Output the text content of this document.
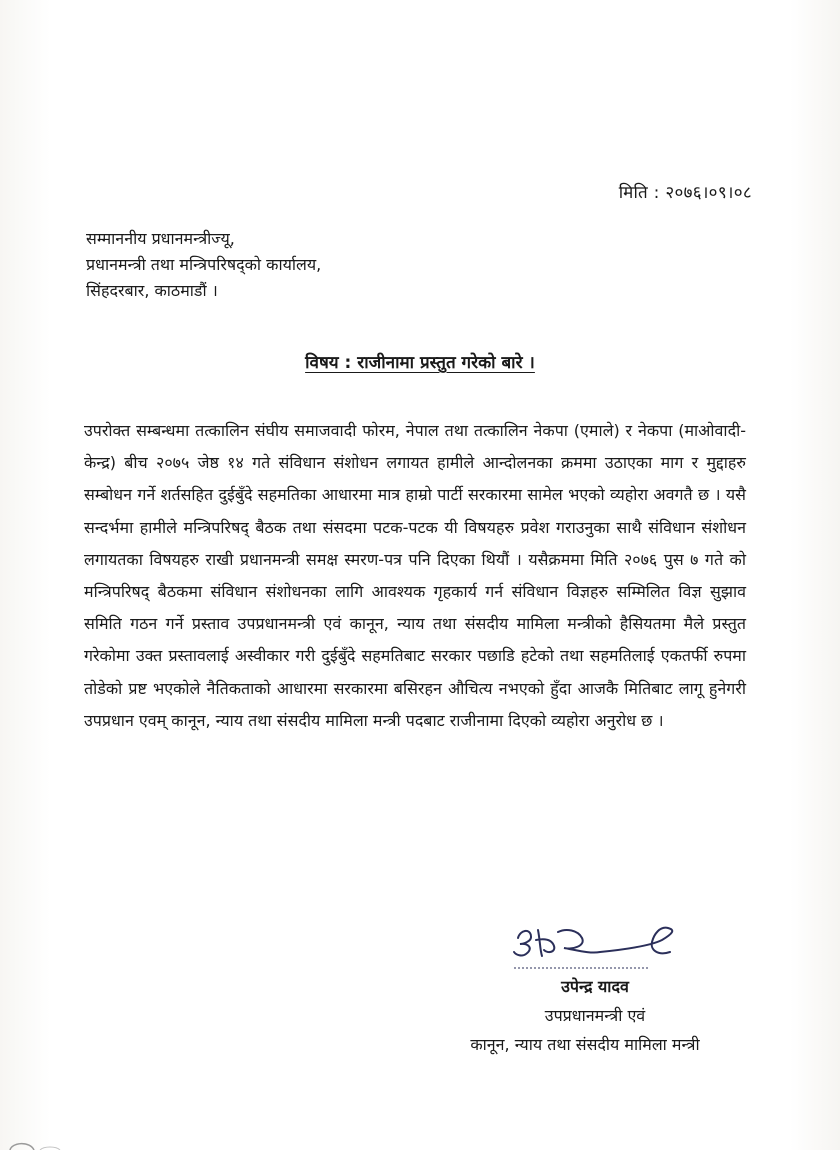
मिति : २०७६।०९।०८
सम्माननीय प्रधानमन्त्रीज्यू,
प्रधानमन्त्री तथा मन्त्रिपरिषद्को कार्यालय,
सिंहदरबार, काठमाडौं ।
विषय : राजीनामा प्रस्तुत गरेको बारे ।
उपरोक्त सम्बन्धमा तत्कालिन संघीय समाजवादी फोरम, नेपाल तथा तत्कालिन नेकपा (एमाले) र नेकपा (माओवादी-केन्द्र) बीच २०७५ जेष्ठ १४ गते संविधान संशोधन लगायत हामीले आन्दोलनका क्रममा उठाएका माग र मुद्दाहरु सम्बोधन गर्ने शर्तसहित दुईबुँदे सहमतिका आधारमा मात्र हाम्रो पार्टी सरकारमा सामेल भएको व्यहोरा अवगतै छ । यसै सन्दर्भमा हामीले मन्त्रिपरिषद् बैठक तथा संसदमा पटक-पटक यी विषयहरु प्रवेश गराउनुका साथै संविधान संशोधन लगायतका विषयहरु राखी प्रधानमन्त्री समक्ष स्मरण-पत्र पनि दिएका थियौं । यसैक्रममा मिति २०७६ पुस ७ गते को मन्त्रिपरिषद् बैठकमा संविधान संशोधनका लागि आवश्यक गृहकार्य गर्न संविधान विज्ञहरु सम्मिलित विज्ञ सुझाव समिति गठन गर्ने प्रस्ताव उपप्रधानमन्त्री एवं कानून, न्याय तथा संसदीय मामिला मन्त्रीको हैसियतमा मैले प्रस्तुत गरेकोमा उक्त प्रस्तावलाई अस्वीकार गरी दुईबुँदे सहमतिबाट सरकार पछाडि हटेको तथा सहमतिलाई एकतर्फी रुपमा तोडेको प्रष्ट भएकोले नैतिकताको आधारमा सरकारमा बसिरहन औचित्य नभएको हुँदा आजकै मितिबाट लागू हुनेगरी उपप्रधान एवम् कानून, न्याय तथा संसदीय मामिला मन्त्री पदबाट राजीनामा दिएको व्यहोरा अनुरोध छ ।
उपेन्द्र यादव
उपप्रधानमन्त्री एवं
कानून, न्याय तथा संसदीय मामिला मन्त्री
